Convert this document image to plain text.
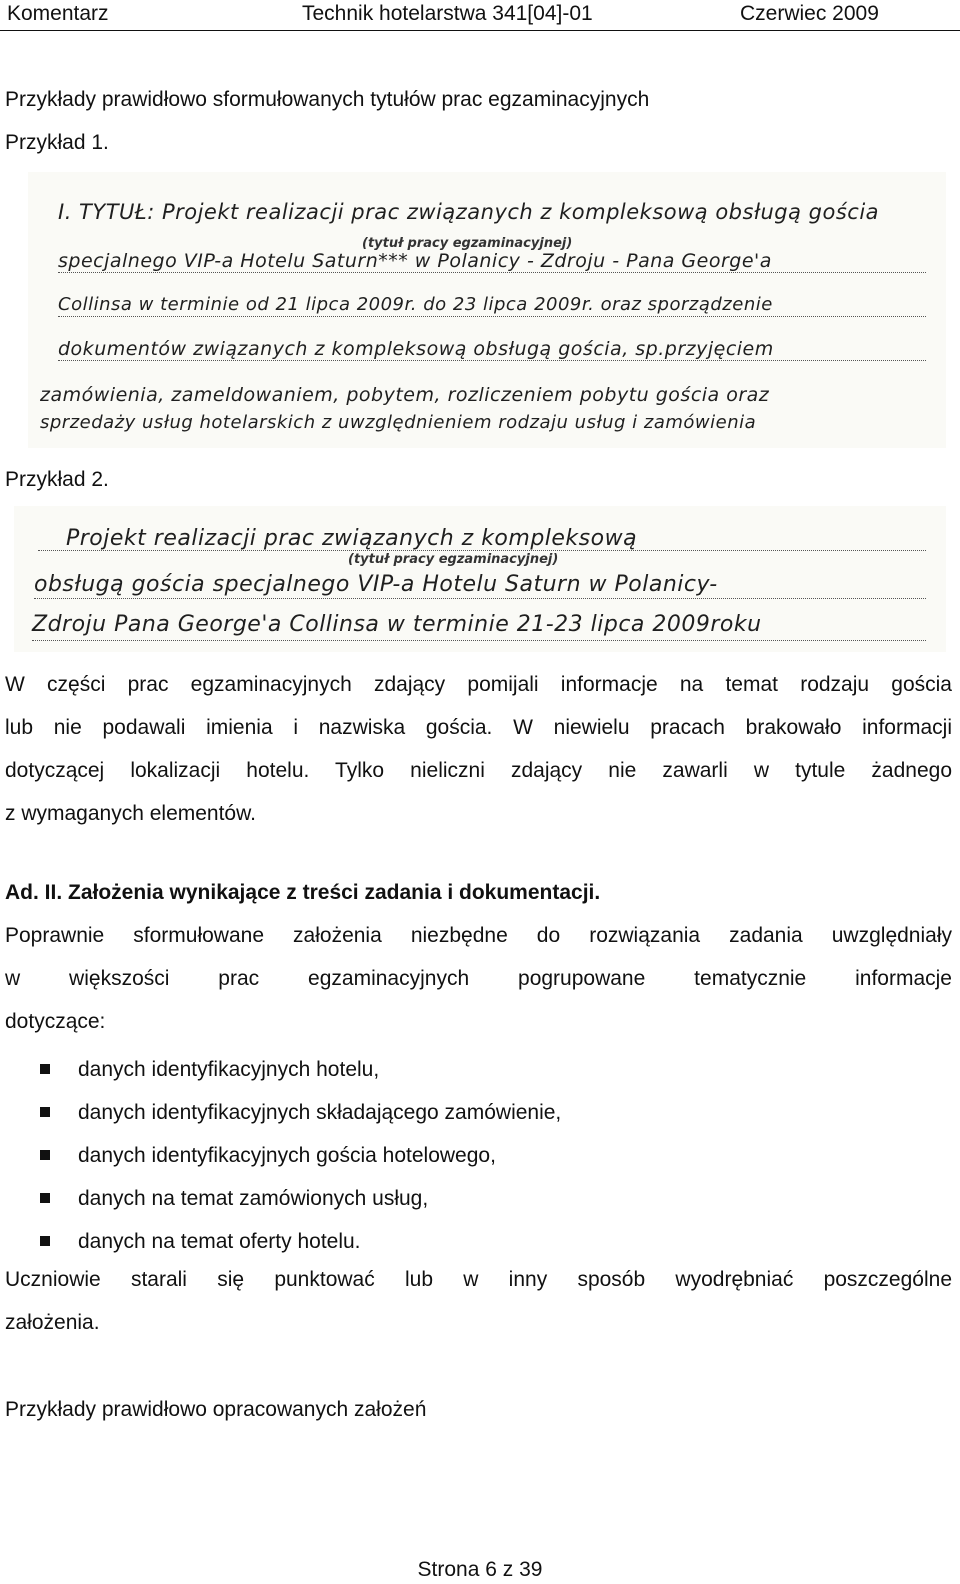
Komentarz	Technik hotelarstwa 341[04]-01	Czerwiec 2009
Przykłady prawidłowo sformułowanych tytułów prac egzaminacyjnych
Przykład 1.
I. TYTUŁ: Projekt realizacji prac związanych z kompleksową obsługą gościa
(tytuł pracy egzaminacyjnej)
specjalnego VIP-a Hotelu Saturn*** w Polanicy - Zdroju - Pana George'a
Collinsa w terminie od 21 lipca 2009r. do 23 lipca 2009r. oraz sporządzenie
dokumentów związanych z kompleksową obsługą gościa, sp.przyjęciem
zamówienia, zameldowaniem, pobytem, rozliczeniem pobytu gościa oraz
sprzedaży usług hotelarskich z uwzględnieniem rodzaju usług i zamówienia
Przykład 2.
Projekt realizacji prac związanych z kompleksową
(tytuł pracy egzaminacyjnej)
obsługą gościa specjalnego VIP-a Hotelu Saturn w Polanicy-
Zdroju Pana George'a Collinsa w terminie 21-23 lipca 2009roku
W części prac egzaminacyjnych zdający pomijali informacje na temat rodzaju gościa
lub nie podawali imienia i nazwiska gościa. W niewielu pracach brakowało informacji
dotyczącej lokalizacji hotelu. Tylko nieliczni zdający nie zawarli w tytule żadnego
z wymaganych elementów.
Ad. II. Założenia wynikające z treści zadania i dokumentacji.
Poprawnie sformułowane założenia niezbędne do rozwiązania zadania uwzględniały
w większości prac egzaminacyjnych pogrupowane tematycznie informacje
dotyczące:
danych identyfikacyjnych hotelu,
danych identyfikacyjnych składającego zamówienie,
danych identyfikacyjnych gościa hotelowego,
danych na temat zamówionych usług,
danych na temat oferty hotelu.
Uczniowie starali się punktować lub w inny sposób wyodrębniać poszczególne
założenia.
Przykłady prawidłowo opracowanych założeń
Strona 6 z 39
